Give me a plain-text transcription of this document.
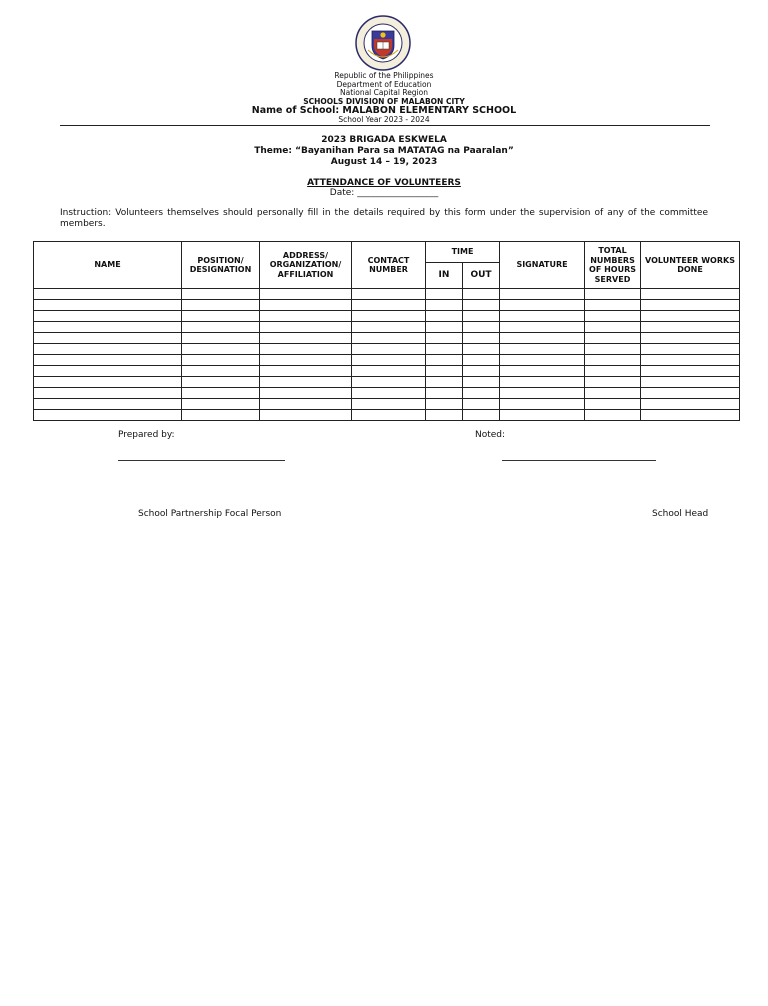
Republic of the Philippines
Department of Education
National Capital Region
SCHOOLS DIVISION OF MALABON CITY
Name of School: MALABON ELEMENTARY SCHOOL
School Year 2023 - 2024
2023 BRIGADA ESKWELA
Theme: “Bayanihan Para sa MATATAG na Paaralan”
August 14 – 19, 2023
ATTENDANCE OF VOLUNTEERS
Date: __________________
Instruction: Volunteers themselves should personally fill in the details required by this form under the supervision of any of the committee members.
NAME	POSITION/ DESIGNATION	ADDRESS/ ORGANIZATION/ AFFILIATION	CONTACT NUMBER	TIME		SIGNATURE	TOTAL NUMBERS OF HOURS SERVED	VOLUNTEER WORKS DONE
				IN	OUT			

Prepared by:	Noted:
School Partnership Focal Person	School Head
